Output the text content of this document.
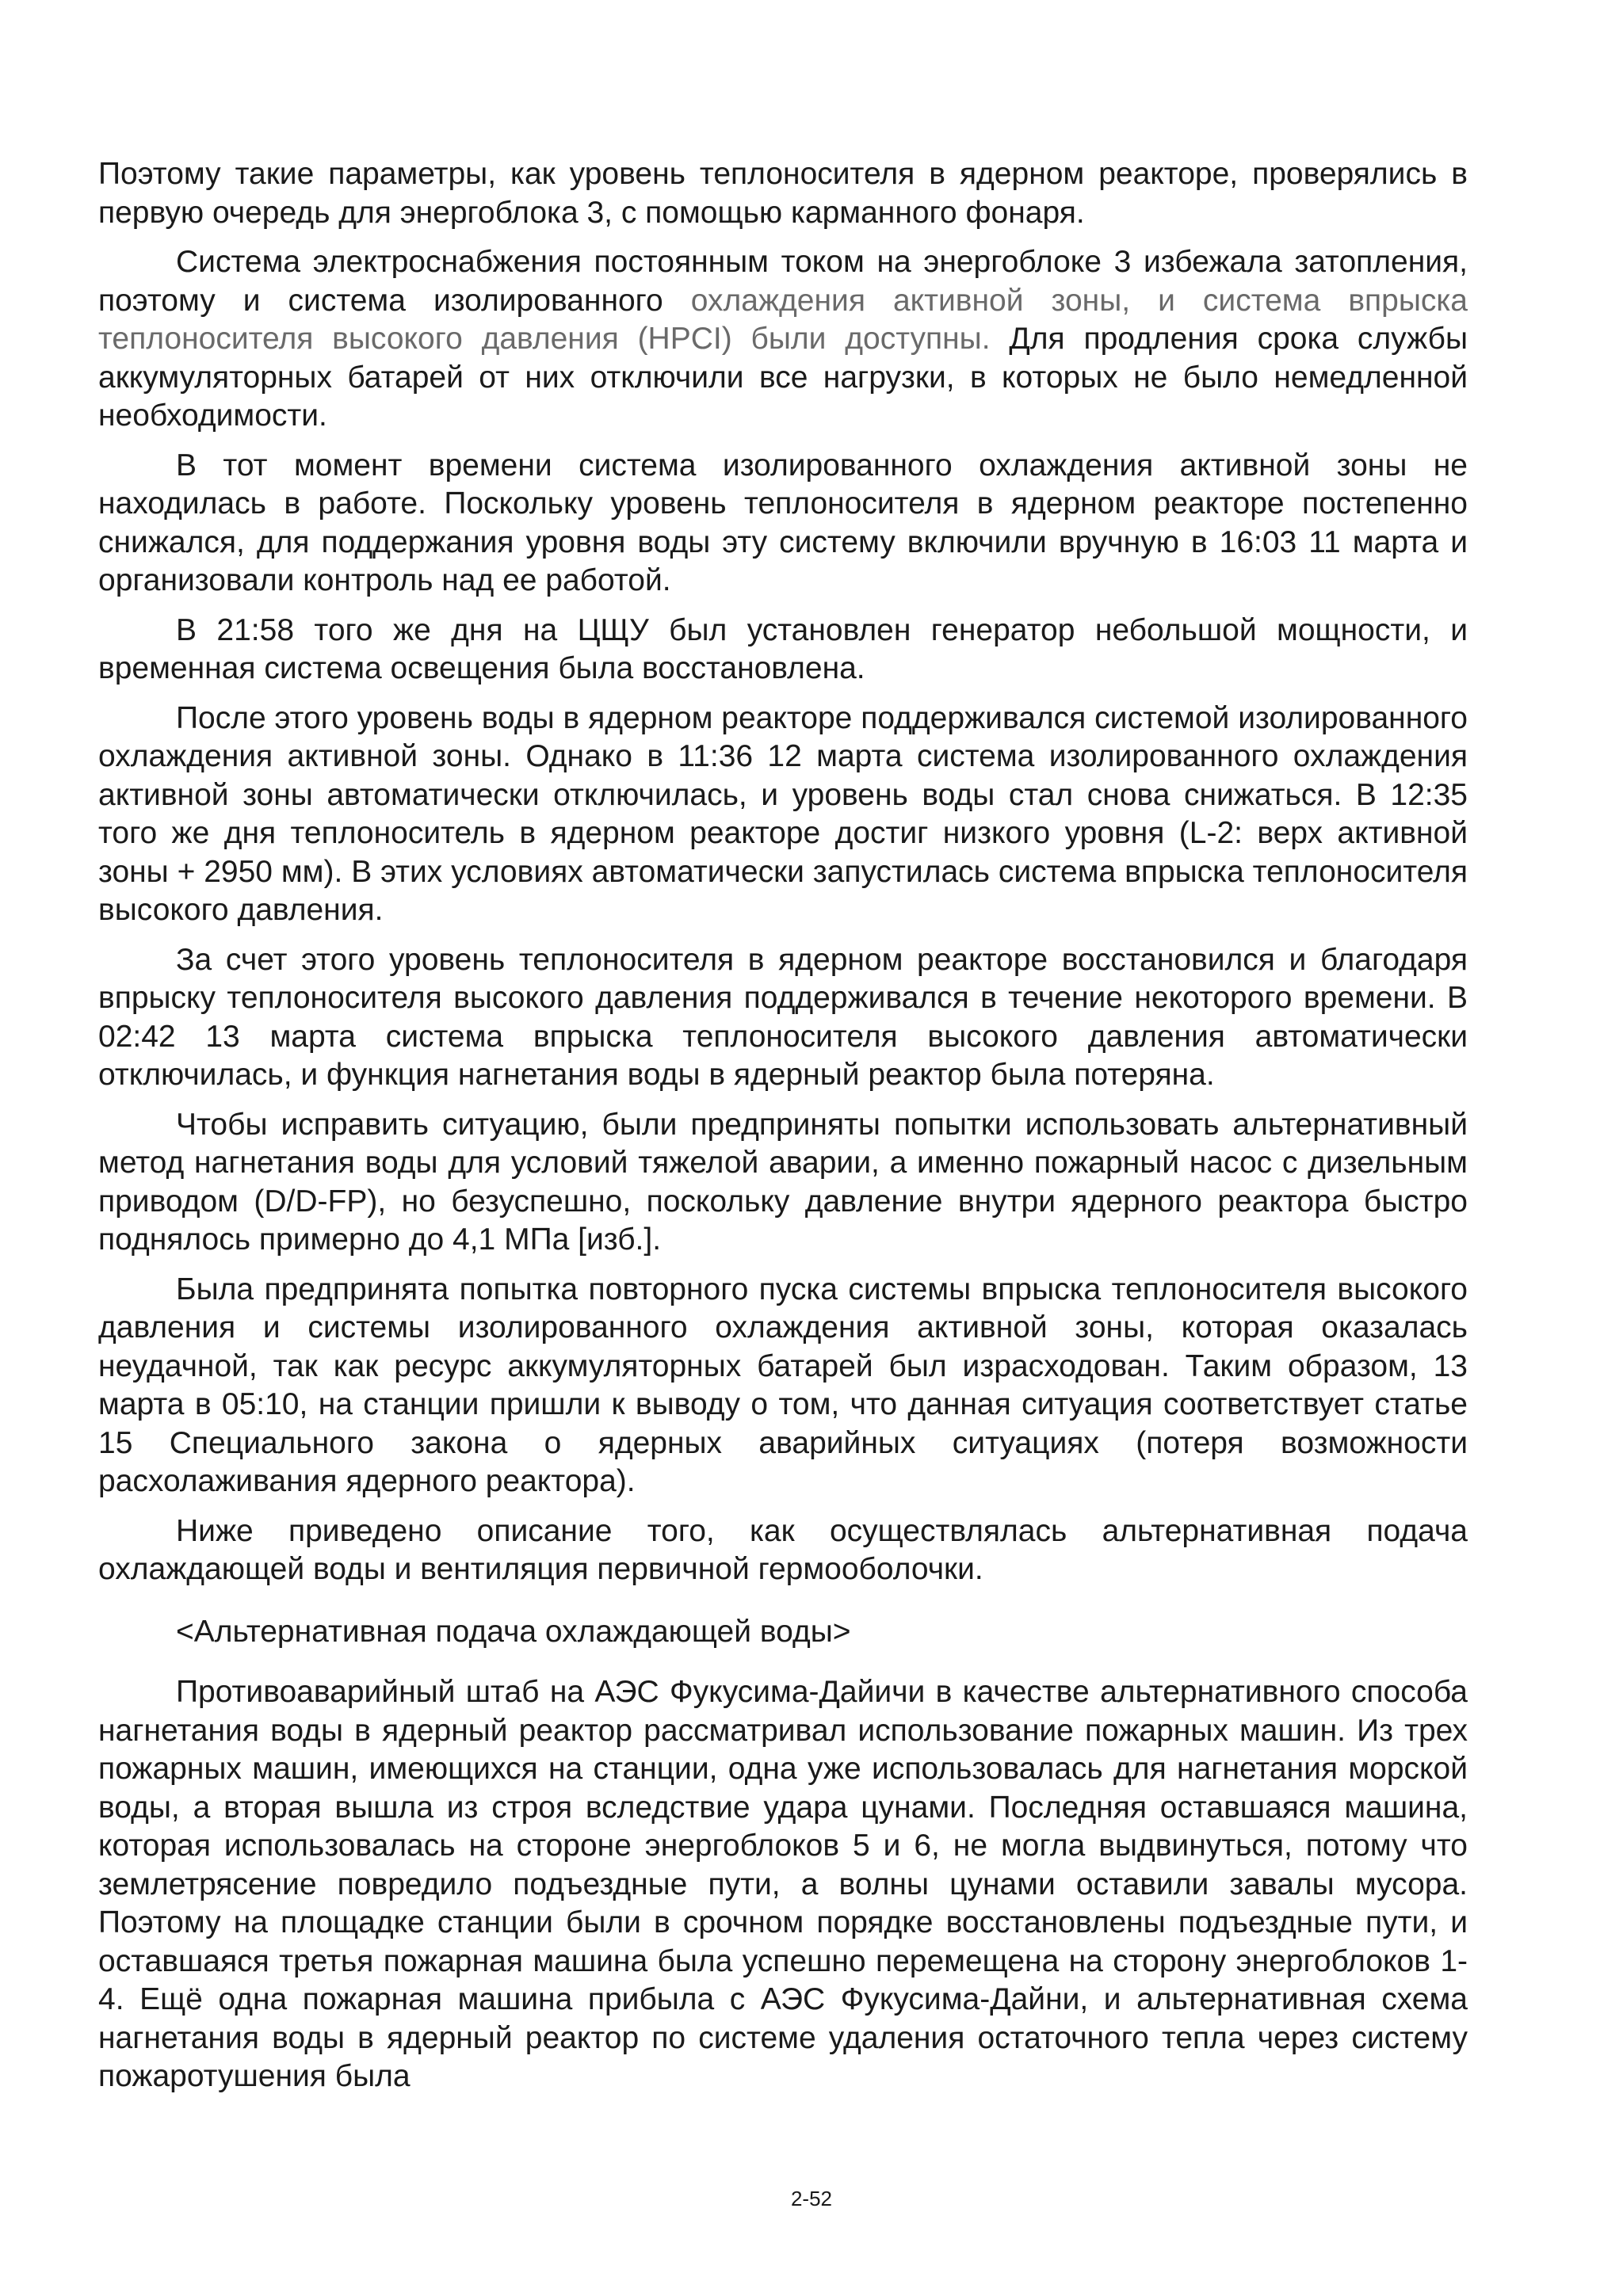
Поэтому такие параметры, как уровень теплоносителя в ядерном реакторе, проверялись в первую очередь для энергоблока 3, с помощью карманного фонаря.

Система электроснабжения постоянным током на энергоблоке 3 избежала затопления, поэтому и система изолированного охлаждения активной зоны, и система впрыска теплоносителя высокого давления (HPCI) были доступны. Для продления срока службы аккумуляторных батарей от них отключили все нагрузки, в которых не было немедленной необходимости.

В тот момент времени система изолированного охлаждения активной зоны не находилась в работе. Поскольку уровень теплоносителя в ядерном реакторе постепенно снижался, для поддержания уровня воды эту систему включили вручную в 16:03 11 марта и организовали контроль над ее работой.

В 21:58 того же дня на ЦЩУ был установлен генератор небольшой мощности, и временная система освещения была восстановлена.

После этого уровень воды в ядерном реакторе поддерживался системой изолированного охлаждения активной зоны. Однако в 11:36 12 марта система изолированного охлаждения активной зоны автоматически отключилась, и уровень воды стал снова снижаться. В 12:35 того же дня теплоноситель в ядерном реакторе достиг низкого уровня (L-2: верх активной зоны + 2950 мм). В этих условиях автоматически запустилась система впрыска теплоносителя высокого давления.

За счет этого уровень теплоносителя в ядерном реакторе восстановился и благодаря впрыску теплоносителя высокого давления поддерживался в течение некоторого времени. В 02:42 13 марта система впрыска теплоносителя высокого давления автоматически отключилась, и функция нагнетания воды в ядерный реактор была потеряна.

Чтобы исправить ситуацию, были предприняты попытки использовать альтернативный метод нагнетания воды для условий тяжелой аварии, а именно пожарный насос с дизельным приводом (D/D-FP), но безуспешно, поскольку давление внутри ядерного реактора быстро поднялось примерно до 4,1 МПа [изб.].

Была предпринята попытка повторного пуска системы впрыска теплоносителя высокого давления и системы изолированного охлаждения активной зоны, которая оказалась неудачной, так как ресурс аккумуляторных батарей был израсходован. Таким образом, 13 марта в 05:10, на станции пришли к выводу о том, что данная ситуация соответствует статье 15 Специального закона о ядерных аварийных ситуациях (потеря возможности расхолаживания ядерного реактора).

Ниже приведено описание того, как осуществлялась альтернативная подача охлаждающей воды и вентиляция первичной гермооболочки.

<Альтернативная подача охлаждающей воды>

Противоаварийный штаб на АЭС Фукусима-Дайичи в качестве альтернативного способа нагнетания воды в ядерный реактор рассматривал использование пожарных машин. Из трех пожарных машин, имеющихся на станции, одна уже использовалась для нагнетания морской воды, а вторая вышла из строя вследствие удара цунами. Последняя оставшаяся машина, которая использовалась на стороне энергоблоков 5 и 6, не могла выдвинуться, потому что землетрясение повредило подъездные пути, а волны цунами оставили завалы мусора. Поэтому на площадке станции были в срочном порядке восстановлены подъездные пути, и оставшаяся третья пожарная машина была успешно перемещена на сторону энергоблоков 1-4. Ещё одна пожарная машина прибыла с АЭС Фукусима-Дайни, и альтернативная схема нагнетания воды в ядерный реактор по системе удаления остаточного тепла через систему пожаротушения была

2-52
